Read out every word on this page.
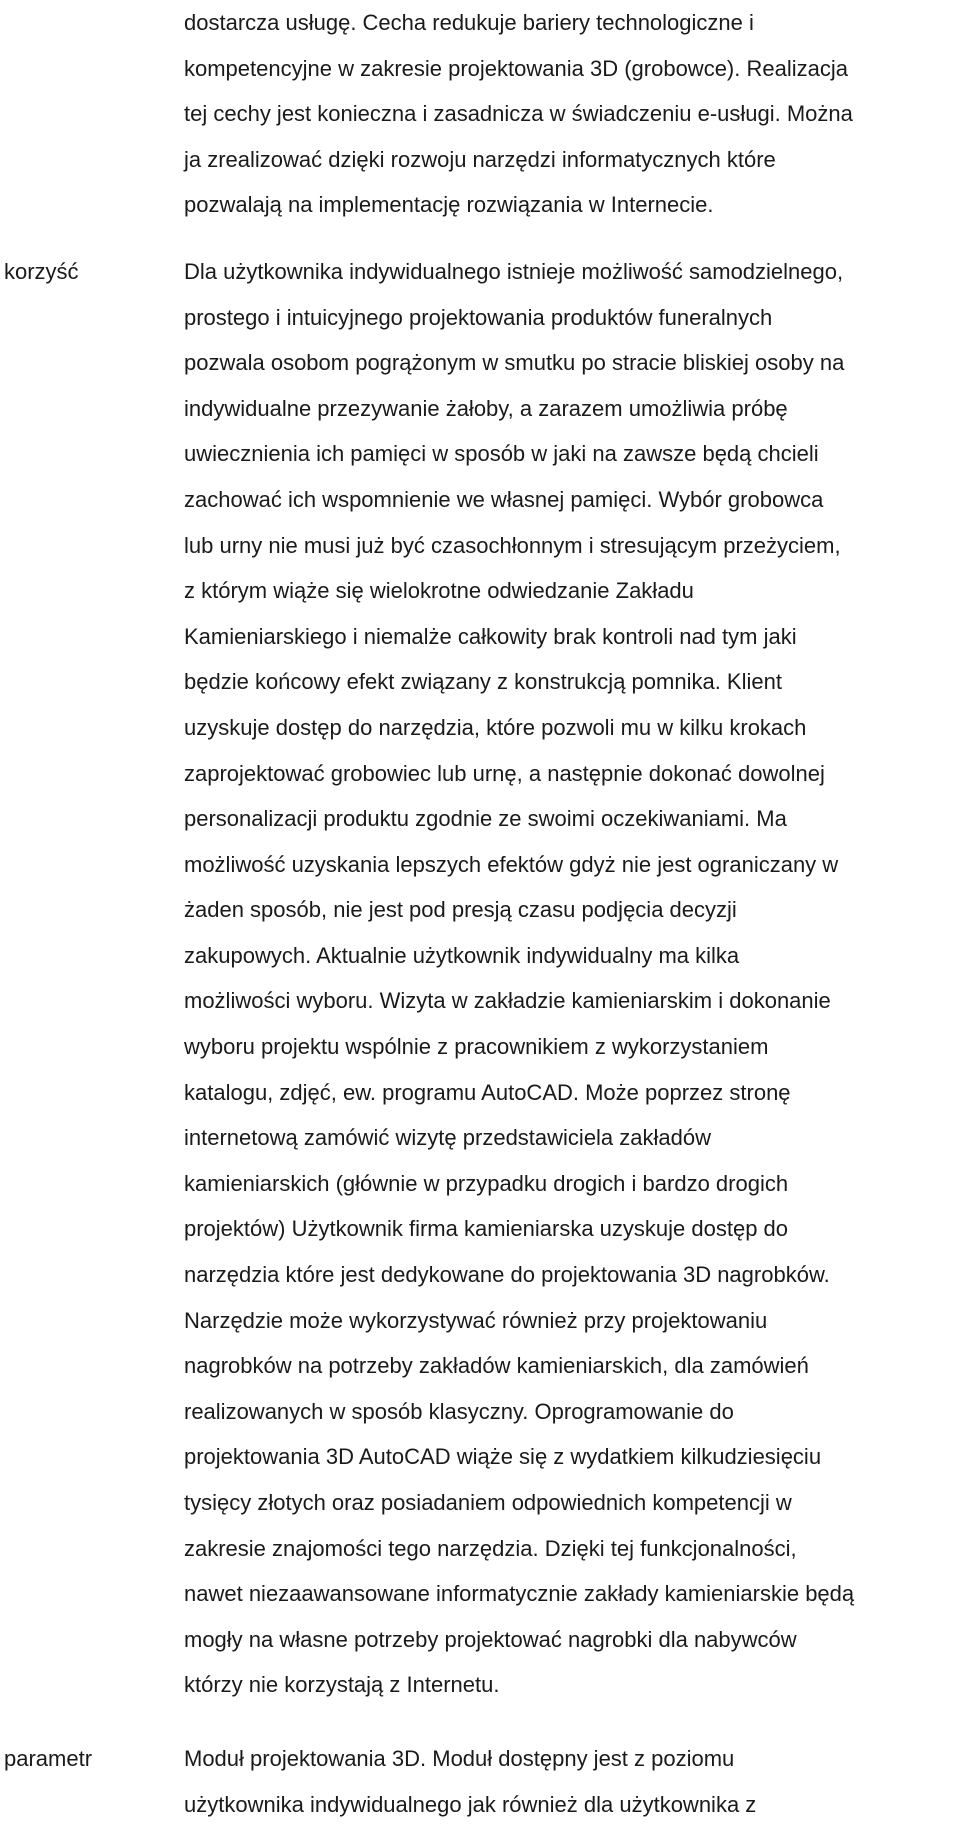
dostarcza usługę. Cecha redukuje bariery technologiczne i
kompetencyjne w zakresie projektowania 3D (grobowce). Realizacja
tej cechy jest konieczna i zasadnicza w świadczeniu e-usługi. Można
ja zrealizować dzięki rozwoju narzędzi informatycznych które
pozwalają na implementację rozwiązania w Internecie.
korzyść	Dla użytkownika indywidualnego istnieje możliwość samodzielnego,
prostego i intuicyjnego projektowania produktów funeralnych
pozwala osobom pogrążonym w smutku po stracie bliskiej osoby na
indywidualne przezywanie żałoby, a zarazem umożliwia próbę
uwiecznienia ich pamięci w sposób w jaki na zawsze będą chcieli
zachować ich wspomnienie we własnej pamięci. Wybór grobowca
lub urny nie musi już być czasochłonnym i stresującym przeżyciem,
z którym wiąże się wielokrotne odwiedzanie Zakładu
Kamieniarskiego i niemalże całkowity brak kontroli nad tym jaki
będzie końcowy efekt związany z konstrukcją pomnika. Klient
uzyskuje dostęp do narzędzia, które pozwoli mu w kilku krokach
zaprojektować grobowiec lub urnę, a następnie dokonać dowolnej
personalizacji produktu zgodnie ze swoimi oczekiwaniami. Ma
możliwość uzyskania lepszych efektów gdyż nie jest ograniczany w
żaden sposób, nie jest pod presją czasu podjęcia decyzji
zakupowych. Aktualnie użytkownik indywidualny ma kilka
możliwości wyboru. Wizyta w zakładzie kamieniarskim i dokonanie
wyboru projektu wspólnie z pracownikiem z wykorzystaniem
katalogu, zdjęć, ew. programu AutoCAD. Może poprzez stronę
internetową zamówić wizytę przedstawiciela zakładów
kamieniarskich (głównie w przypadku drogich i bardzo drogich
projektów) Użytkownik firma kamieniarska uzyskuje dostęp do
narzędzia które jest dedykowane do projektowania 3D nagrobków.
Narzędzie może wykorzystywać również przy projektowaniu
nagrobków na potrzeby zakładów kamieniarskich, dla zamówień
realizowanych w sposób klasyczny. Oprogramowanie do
projektowania 3D AutoCAD wiąże się z wydatkiem kilkudziesięciu
tysięcy złotych oraz posiadaniem odpowiednich kompetencji w
zakresie znajomości tego narzędzia. Dzięki tej funkcjonalności,
nawet niezaawansowane informatycznie zakłady kamieniarskie będą
mogły na własne potrzeby projektować nagrobki dla nabywców
którzy nie korzystają z Internetu.
parametr	Moduł projektowania 3D. Moduł dostępny jest z poziomu
użytkownika indywidualnego jak również dla użytkownika z
